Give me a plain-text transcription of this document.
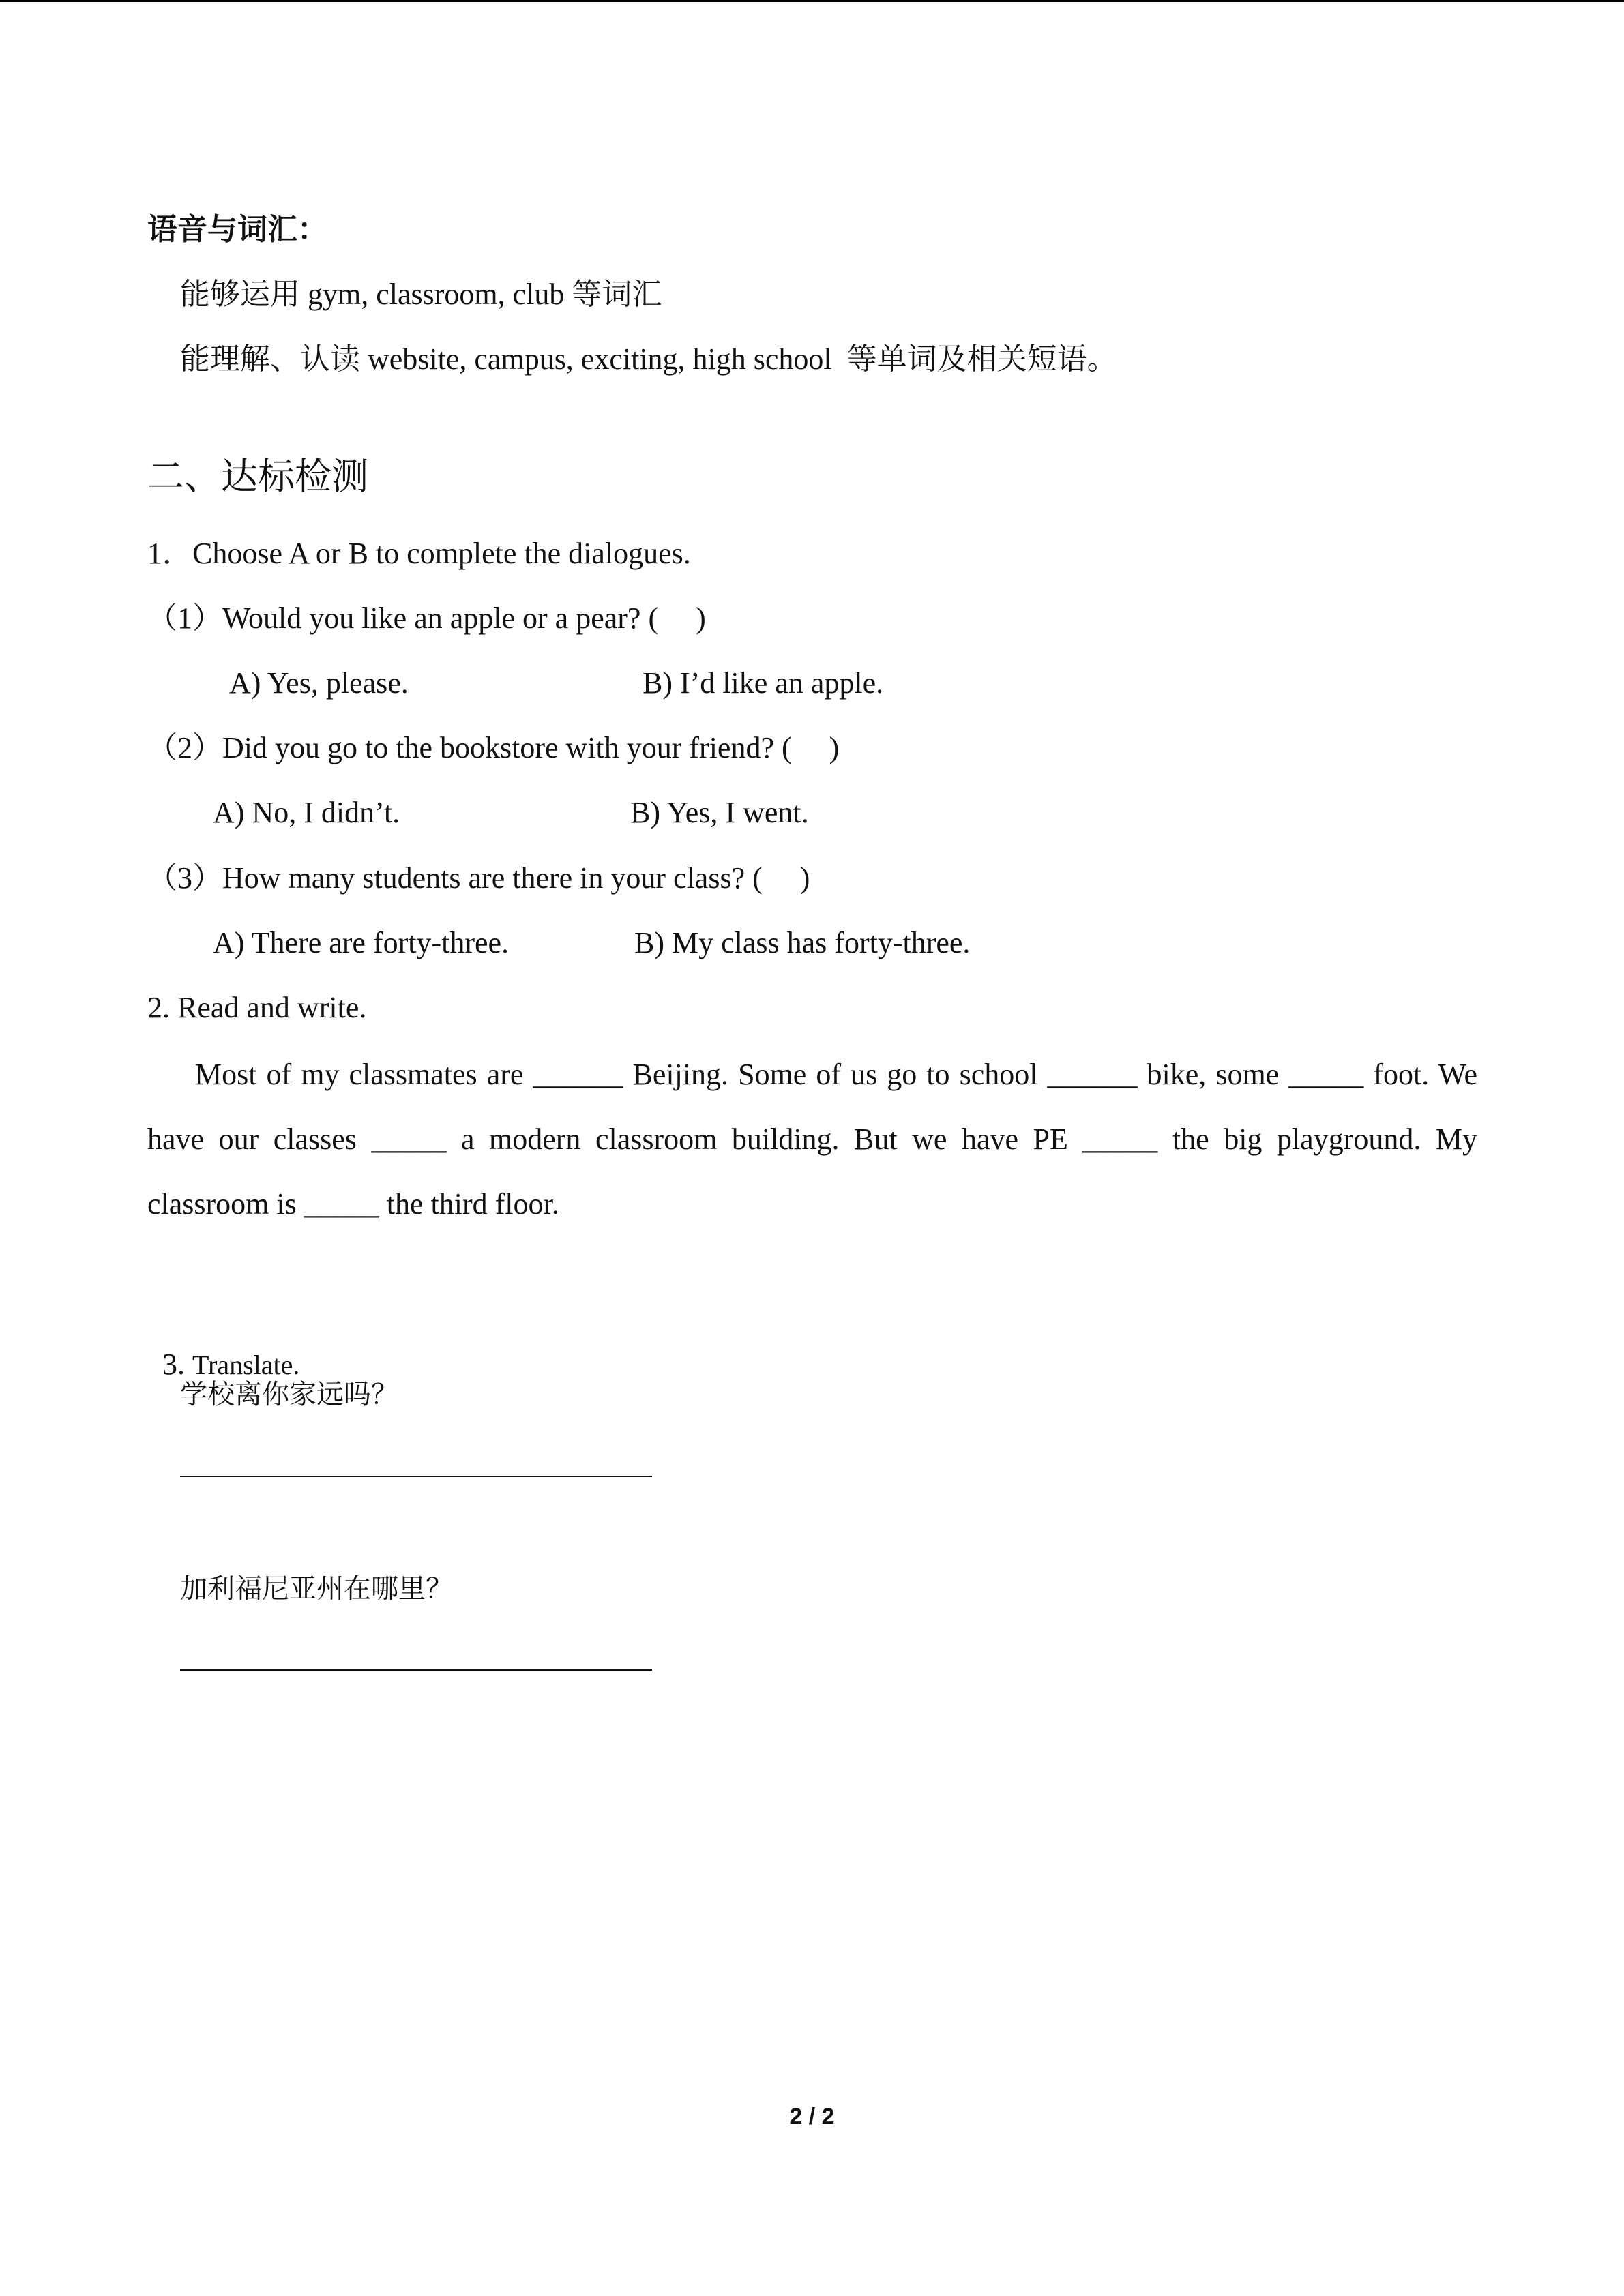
语音与词汇：
能够运用 gym, classroom, club 等词汇
能理解、认读 website, campus, exciting, high school  等单词及相关短语。
二、达标检测
1．Choose A or B to complete the dialogues.
（1）Would you like an apple or a pear? (     )
A) Yes, please.	B) I’d like an apple.
（2）Did you go to the bookstore with your friend? (     )
A) No, I didn’t.	B) Yes, I went.
（3）How many students are there in your class? (     )
A) There are forty-three.	B) My class has forty-three.
2. Read and write.
Most of my classmates are ______ Beijing. Some of us go to school ______ bike, some _____ foot. We have our classes _____ a modern classroom building. But we have PE _____ the big playground. My classroom is _____ the third floor.

3. Translate.

学校离你家远吗？
加利福尼亚州在哪里？
2 / 2
